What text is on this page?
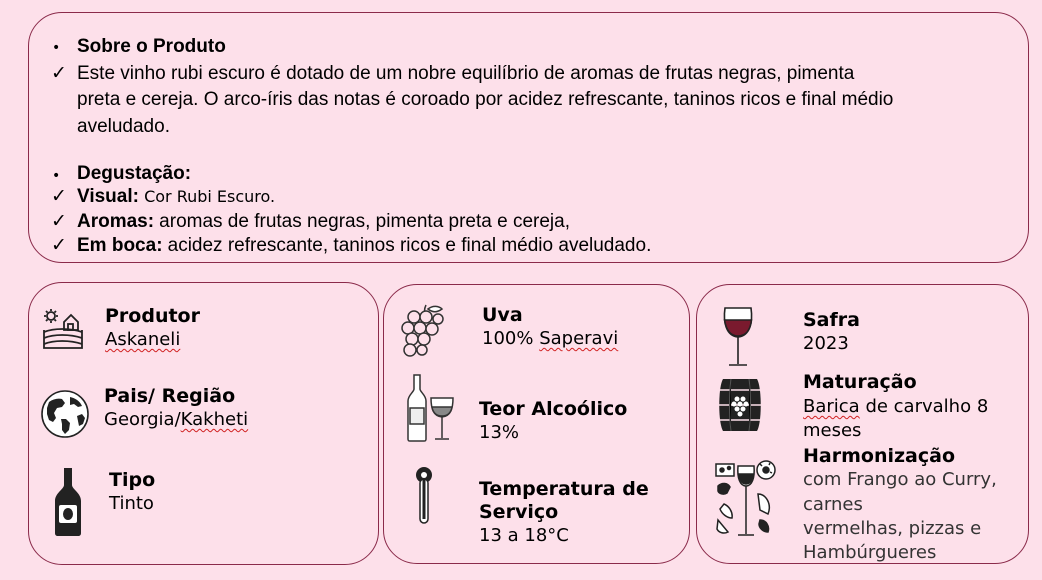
• Sobre o Produto
✓ Este vinho rubi escuro é dotado de um nobre equilíbrio de aromas de frutas negras, pimenta
preta e cereja. O arco-íris das notas é coroado por acidez refrescante, taninos ricos e final médio
aveludado.
• Degustação:
✓ Visual: Cor Rubi Escuro.
✓ Aromas: aromas de frutas negras, pimenta preta e cereja,
✓ Em boca: acidez refrescante, taninos ricos e final médio aveludado.
Produtor
Askaneli
Pais/ Região
Georgia/Kakheti
Tipo
Tinto
Uva
100% Saperavi
Teor Alcoólico
13%
Temperatura de
Serviço
13 a 18°C
Safra
2023
Maturação
Barica de carvalho 8
meses
Harmonização
com Frango ao Curry,
carnes
vermelhas, pizzas e
Hambúrgueres
